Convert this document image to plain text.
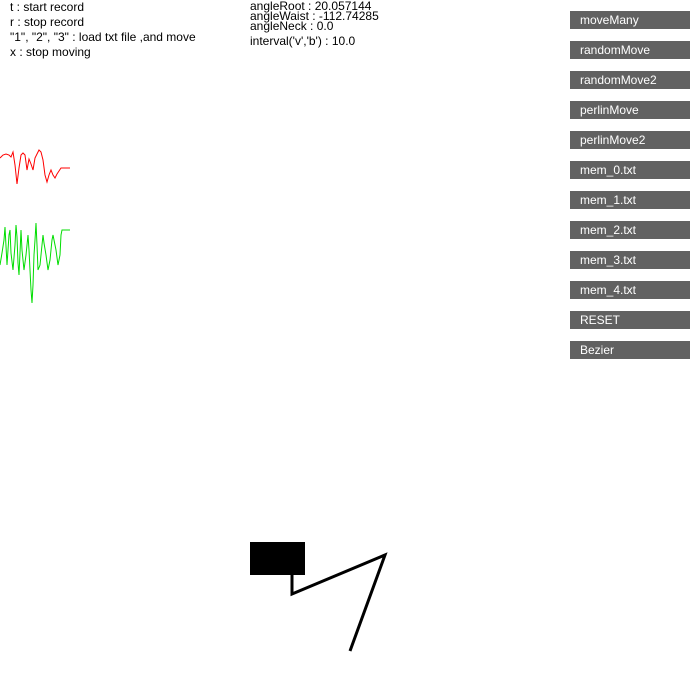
t : start record
r : stop record
"1", "2", "3" : load txt file ,and move
x : stop moving
angleRoot : 20.057144
angleWaist : -112.74285
angleNeck : 0.0
interval('v','b') : 10.0
moveMany
randomMove
randomMove2
perlinMove
perlinMove2
mem_0.txt
mem_1.txt
mem_2.txt
mem_3.txt
mem_4.txt
RESET
Bezier
